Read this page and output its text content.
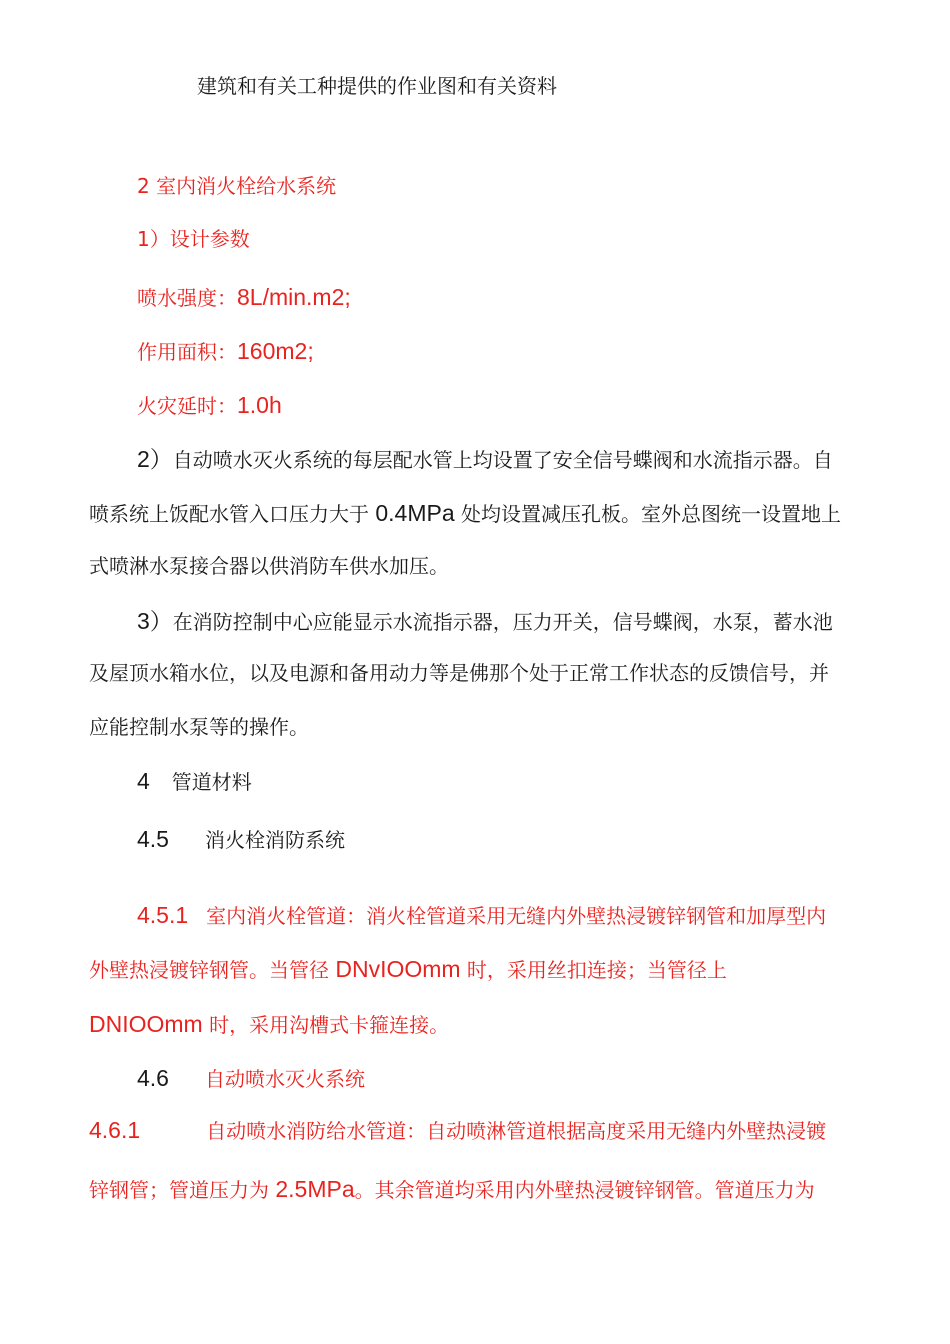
建筑和有关工种提供的作业图和有关资料
2 室内消火栓给水系统
1）设计参数
喷水强度：8L/min.m2;
作用面积：160m2;
火灾延时：1.0h
2）自动喷水灭火系统的每层配水管上均设置了安全信号蝶阀和水流指示器。自
喷系统上饭配水管入口压力大于 0.4MPa 处均设置减压孔板。室外总图统一设置地上
式喷淋水泵接合器以供消防车供水加压。
3）在消防控制中心应能显示水流指示器，压力开关，信号蝶阀，水泵，蓄水池
及屋顶水箱水位，以及电源和备用动力等是佛那个处于正常工作状态的反馈信号，并
应能控制水泵等的操作。
4 管道材料
4.5 消火栓消防系统
4.5.1 室内消火栓管道：消火栓管道采用无缝内外壁热浸镀锌钢管和加厚型内
外壁热浸镀锌钢管。当管径 DNvIOOmm 时，采用丝扣连接；当管径上
DNIOOmm 时，采用沟槽式卡箍连接。
4.6 自动喷水灭火系统
4.6.1	自动喷水消防给水管道：自动喷淋管道根据高度采用无缝内外壁热浸镀
锌钢管；管道压力为 2.5MPa。其余管道均采用内外壁热浸镀锌钢管。管道压力为
